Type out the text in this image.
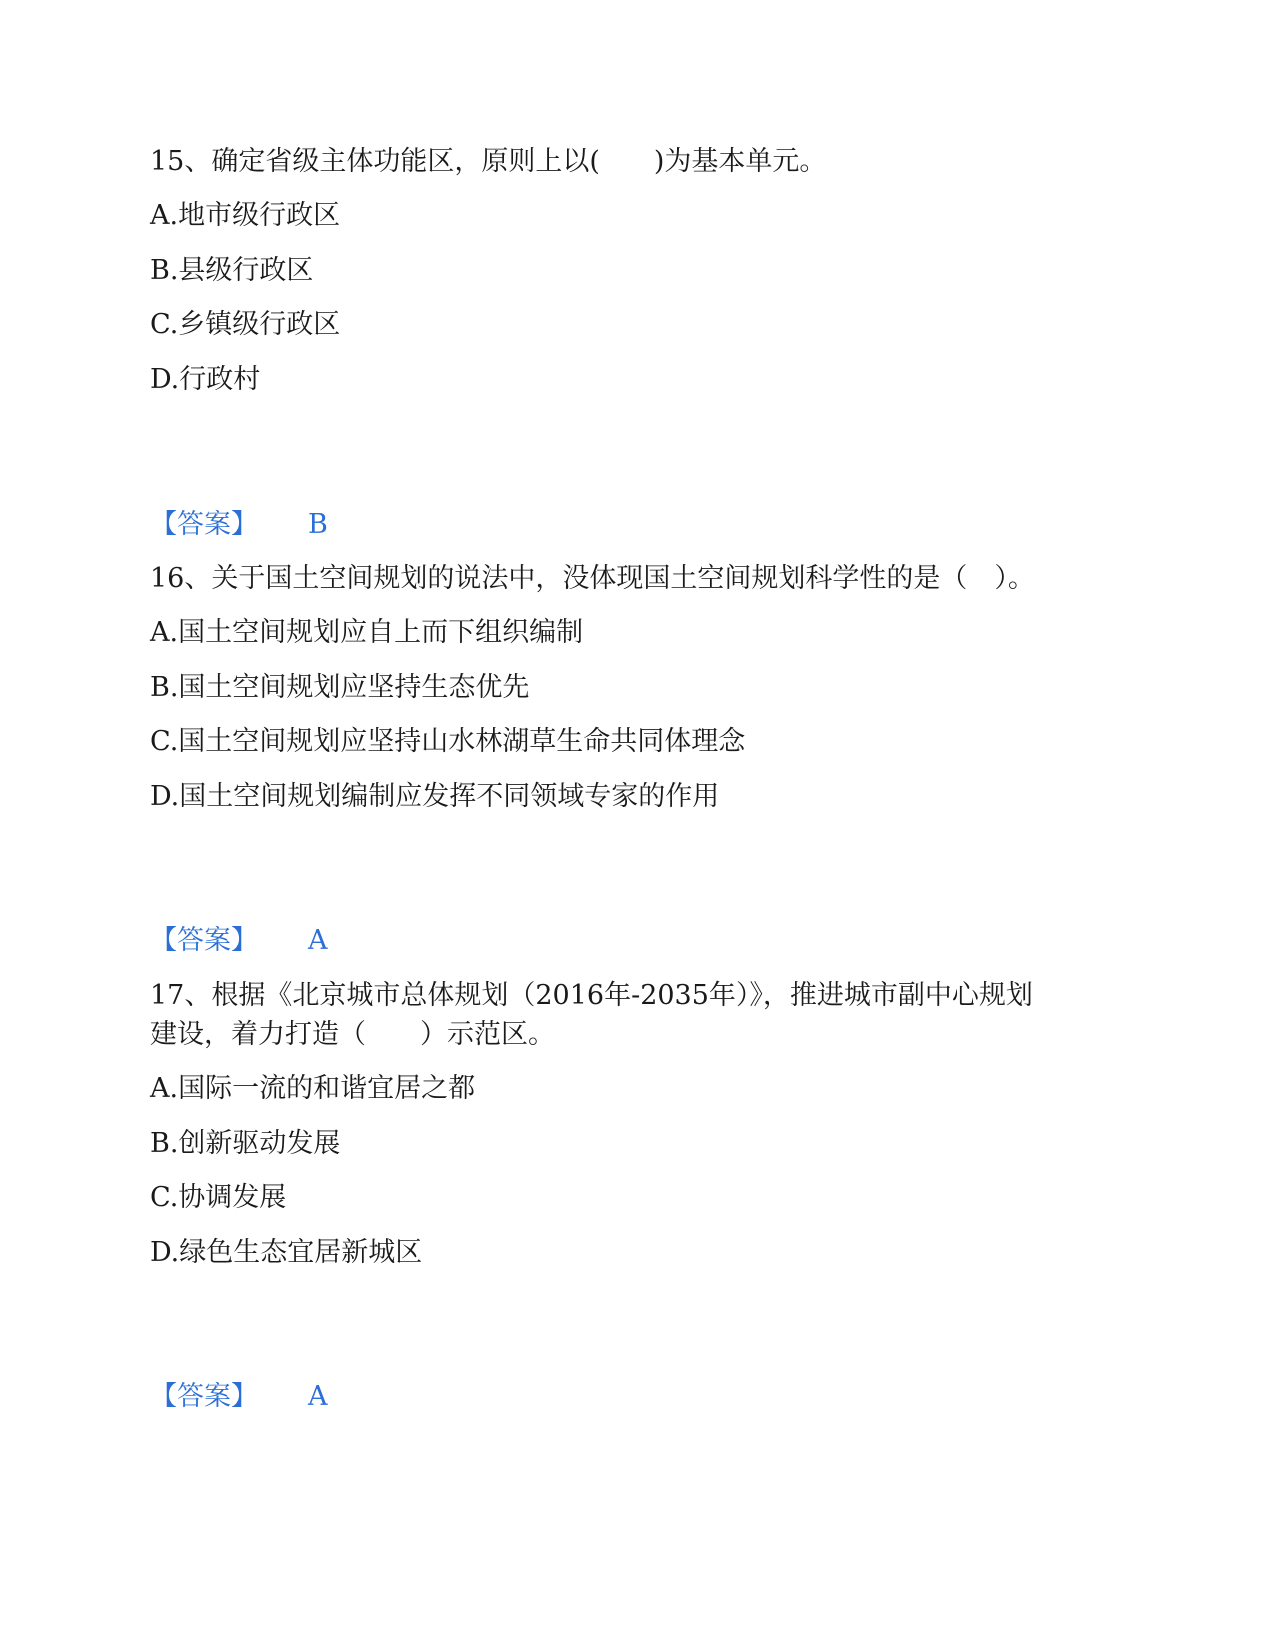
15、确定省级主体功能区，原则上以(　　)为基本单元。
A.地市级行政区
B.县级行政区
C.乡镇级行政区
D.行政村
【答案】 B
16、关于国土空间规划的说法中，没体现国土空间规划科学性的是（　）。
A.国土空间规划应自上而下组织编制
B.国土空间规划应坚持生态优先
C.国土空间规划应坚持山水林湖草生命共同体理念
D.国土空间规划编制应发挥不同领域专家的作用
【答案】 A
17、根据《北京城市总体规划（2016年-2035年）》，推进城市副中心规划
建设，着力打造（　　）示范区。
A.国际一流的和谐宜居之都
B.创新驱动发展
C.协调发展
D.绿色生态宜居新城区
【答案】 A
